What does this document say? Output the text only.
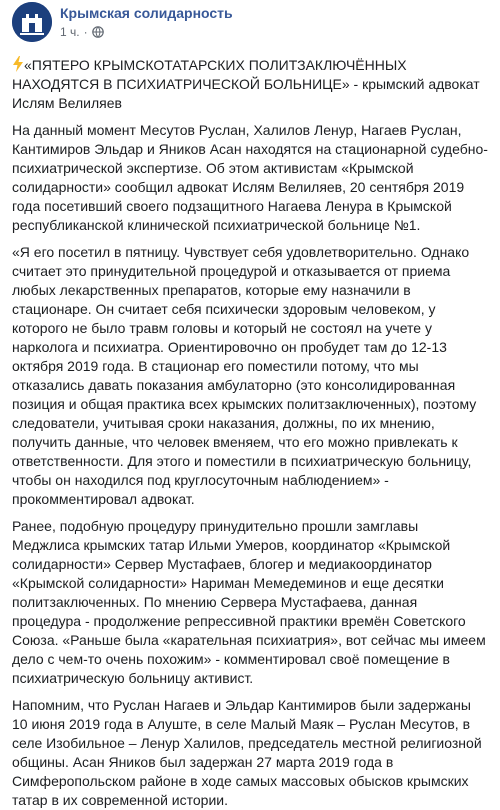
Крымская солидарность
1 ч. ·

«ПЯТЕРО КРЫМСКОТАТАРСКИХ ПОЛИТЗАКЛЮЧЁННЫХ НАХОДЯТСЯ В ПСИХИАТРИЧЕСКОЙ БОЛЬНИЦЕ» - крымский адвокат Ислям Велиляев

На данный момент Месутов Руслан, Халилов Ленур, Нагаев Руслан, Кантимиров Эльдар и Яников Асан находятся на стационарной судебно-психиатрической экспертизе. Об этом активистам «Крымской солидарности» сообщил адвокат Ислям Велиляев, 20 сентября 2019 года посетивший своего подзащитного Нагаева Ленура в Крымской республиканской клинической психиатрической больнице №1.

«Я его посетил в пятницу. Чувствует себя удовлетворительно. Однако считает это принудительной процедурой и отказывается от приема любых лекарственных препаратов, которые ему назначили в стационаре. Он считает себя психически здоровым человеком, у которого не было травм головы и который не состоял на учете у нарколога и психиатра. Ориентировочно он пробудет там до 12-13 октября 2019 года. В стационар его поместили потому, что мы отказались давать показания амбулаторно (это консолидированная позиция и общая практика всех крымских политзаключенных), поэтому следователи, учитывая сроки наказания, должны, по их мнению, получить данные, что человек вменяем, что его можно привлекать к ответственности. Для этого и поместили в психиатрическую больницу, чтобы он находился под круглосуточным наблюдением» - прокомментировал адвокат.

Ранее, подобную процедуру принудительно прошли замглавы Меджлиса крымских татар Ильми Умеров, координатор «Крымской солидарности» Сервер Мустафаев, блогер и медиакоординатор «Крымской солидарности» Нариман Мемедеминов и еще десятки политзаключенных. По мнению Сервера Мустафаева, данная процедура - продолжение репрессивной практики времён Советского Союза. «Раньше была «карательная психиатрия», вот сейчас мы имеем дело с чем-то очень похожим» - комментировал своё помещение в психиатрическую больницу активист.

Напомним, что Руслан Нагаев и Эльдар Кантимиров были задержаны 10 июня 2019 года в Алуште, в селе Малый Маяк – Руслан Месутов, в селе Изобильное – Ленур Халилов, председатель местной религиозной общины. Асан Яников был задержан 27 марта 2019 года в Симферопольском районе в ходе самых массовых обысков крымских татар в их современной истории.
